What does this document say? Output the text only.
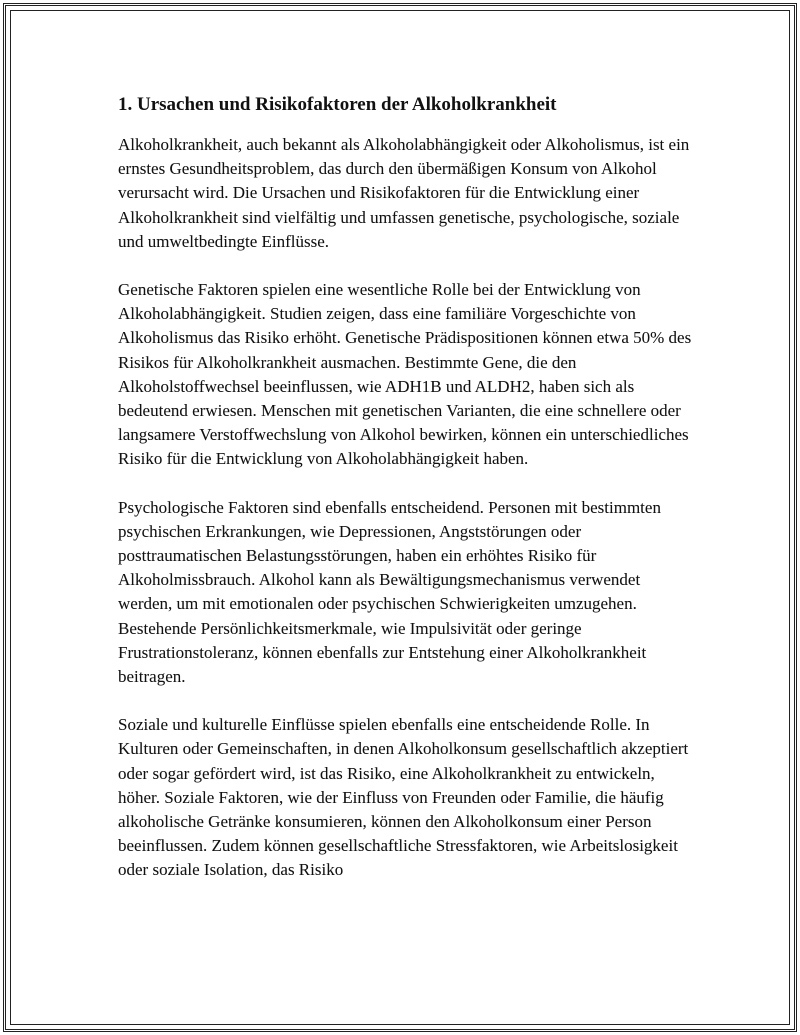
1. Ursachen und Risikofaktoren der Alkoholkrankheit

Alkoholkrankheit, auch bekannt als Alkoholabhängigkeit oder Alkoholismus, ist ein ernstes Gesundheitsproblem, das durch den übermäßigen Konsum von Alkohol verursacht wird. Die Ursachen und Risikofaktoren für die Entwicklung einer Alkoholkrankheit sind vielfältig und umfassen genetische, psychologische, soziale und umweltbedingte Einflüsse.

Genetische Faktoren spielen eine wesentliche Rolle bei der Entwicklung von Alkoholabhängigkeit. Studien zeigen, dass eine familiäre Vorgeschichte von Alkoholismus das Risiko erhöht. Genetische Prädispositionen können etwa 50% des Risikos für Alkoholkrankheit ausmachen. Bestimmte Gene, die den Alkoholstoffwechsel beeinflussen, wie ADH1B und ALDH2, haben sich als bedeutend erwiesen. Menschen mit genetischen Varianten, die eine schnellere oder langsamere Verstoffwechslung von Alkohol bewirken, können ein unterschiedliches Risiko für die Entwicklung von Alkoholabhängigkeit haben.

Psychologische Faktoren sind ebenfalls entscheidend. Personen mit bestimmten psychischen Erkrankungen, wie Depressionen, Angststörungen oder posttraumatischen Belastungsstörungen, haben ein erhöhtes Risiko für Alkoholmissbrauch. Alkohol kann als Bewältigungsmechanismus verwendet werden, um mit emotionalen oder psychischen Schwierigkeiten umzugehen. Bestehende Persönlichkeitsmerkmale, wie Impulsivität oder geringe Frustrationstoleranz, können ebenfalls zur Entstehung einer Alkoholkrankheit beitragen.

Soziale und kulturelle Einflüsse spielen ebenfalls eine entscheidende Rolle. In Kulturen oder Gemeinschaften, in denen Alkoholkonsum gesellschaftlich akzeptiert oder sogar gefördert wird, ist das Risiko, eine Alkoholkrankheit zu entwickeln, höher. Soziale Faktoren, wie der Einfluss von Freunden oder Familie, die häufig alkoholische Getränke konsumieren, können den Alkoholkonsum einer Person beeinflussen. Zudem können gesellschaftliche Stressfaktoren, wie Arbeitslosigkeit oder soziale Isolation, das Risiko
